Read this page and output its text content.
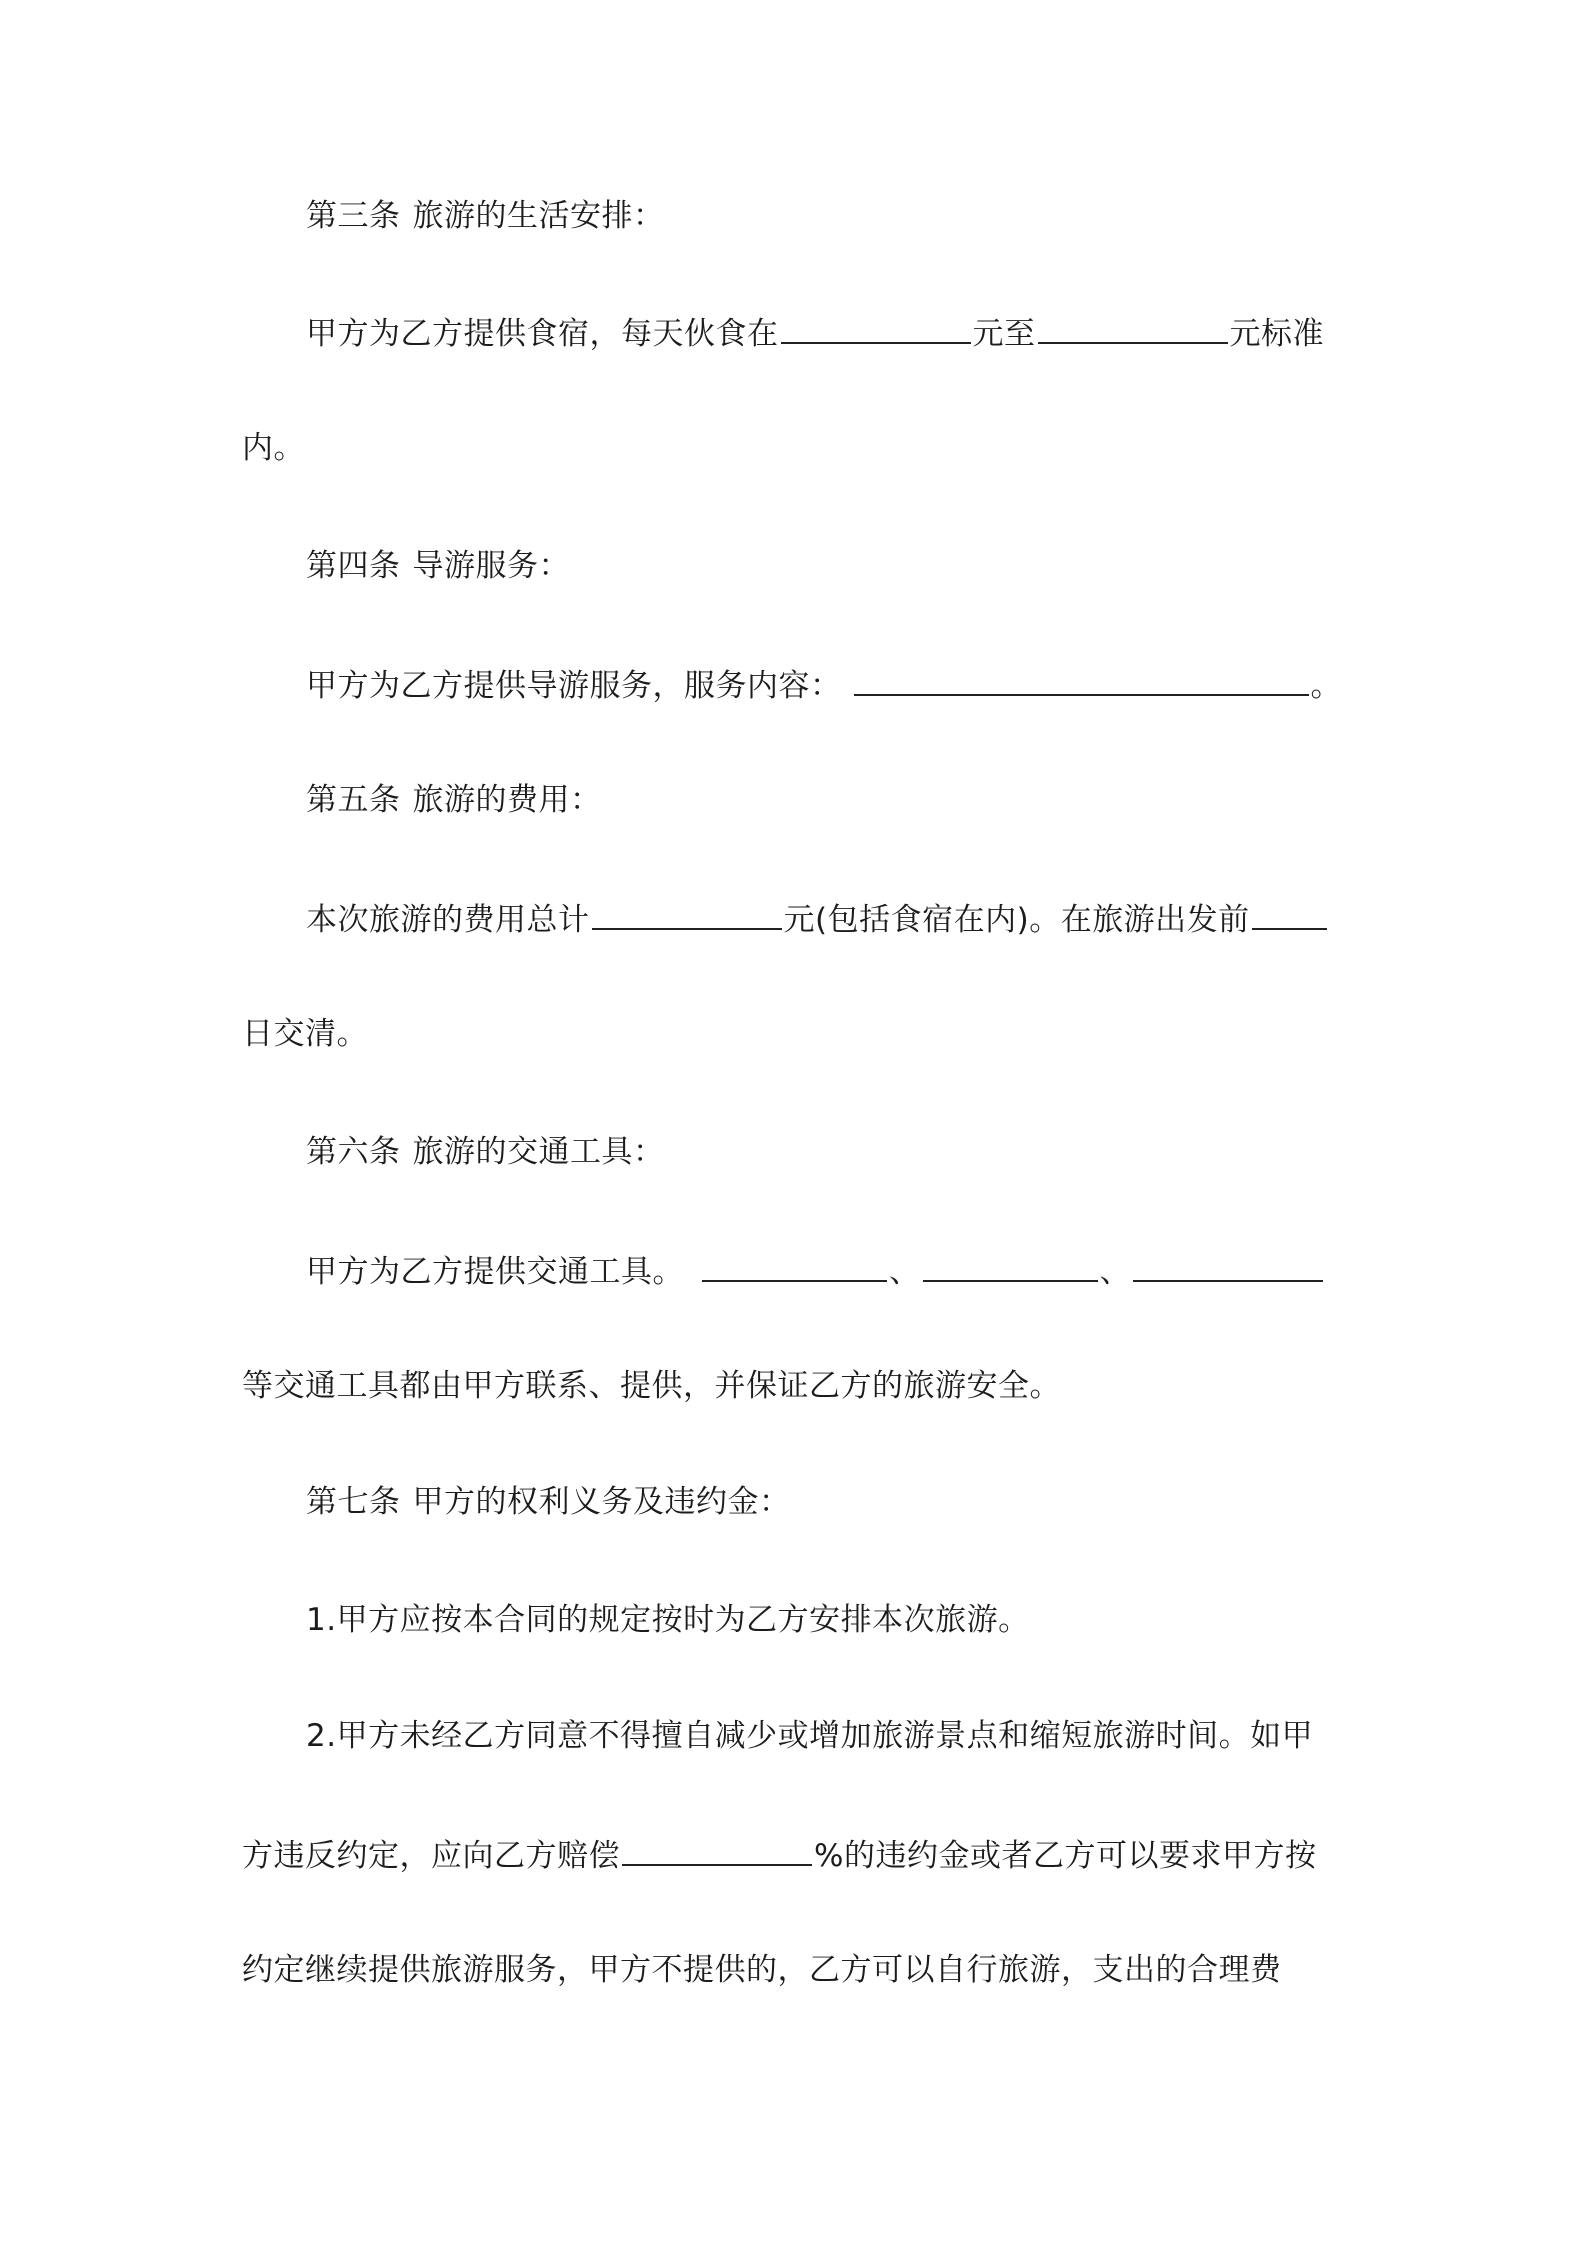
第三条 旅游的生活安排：
甲方为乙方提供食宿，每天伙食在	元至	元标准
内。
第四条 导游服务：
甲方为乙方提供导游服务，服务内容：	。
第五条 旅游的费用：
本次旅游的费用总计	元(包括食宿在内)。在旅游出发前
日交清。
第六条 旅游的交通工具：
甲方为乙方提供交通工具。	、	、
等交通工具都由甲方联系、提供，并保证乙方的旅游安全。
第七条 甲方的权利义务及违约金：
1.甲方应按本合同的规定按时为乙方安排本次旅游。
2.甲方未经乙方同意不得擅自减少或增加旅游景点和缩短旅游时间。如甲
方违反约定，应向乙方赔偿	%的违约金或者乙方可以要求甲方按
约定继续提供旅游服务，甲方不提供的，乙方可以自行旅游，支出的合理费
